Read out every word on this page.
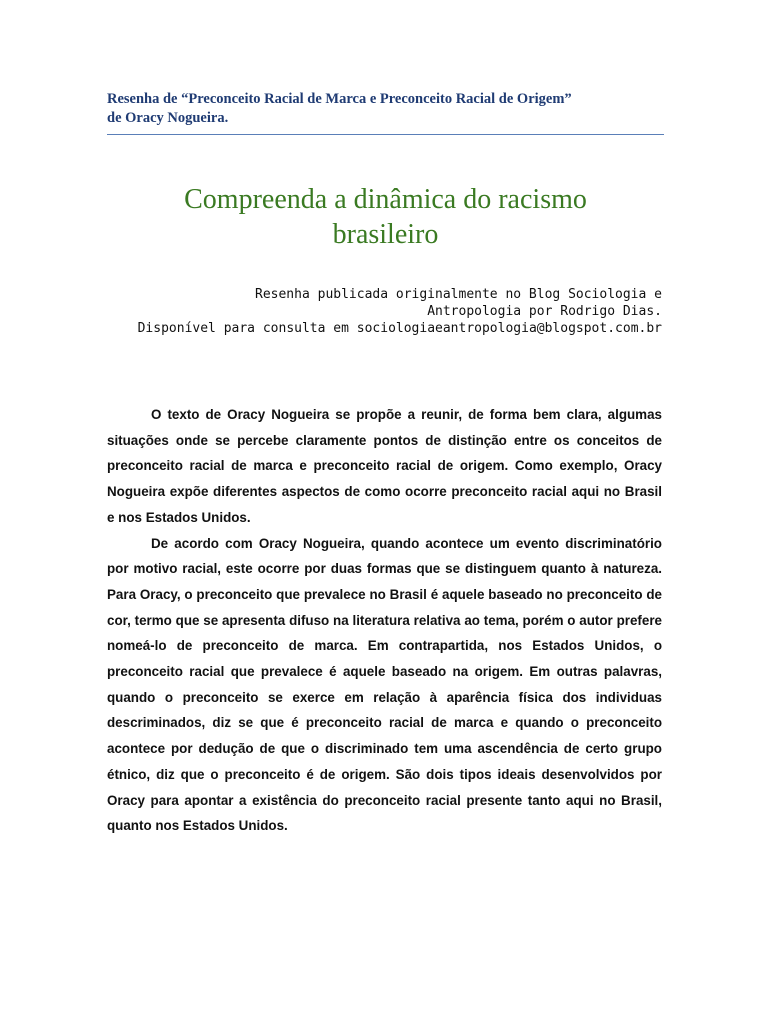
Resenha de “Preconceito Racial de Marca e Preconceito Racial de Origem”
de Oracy Nogueira.
Compreenda a dinâmica do racismo
brasileiro
Resenha publicada originalmente no Blog Sociologia e
Antropologia por Rodrigo Dias.
Disponível para consulta em sociologiaeantropologia@blogspot.com.br

O texto de Oracy Nogueira se propõe a reunir, de forma bem clara, algumas situações onde se percebe claramente pontos de distinção entre os conceitos de preconceito racial de marca e preconceito racial de origem. Como exemplo, Oracy Nogueira expõe diferentes aspectos de como ocorre preconceito racial aqui no Brasil e nos Estados Unidos.

De acordo com Oracy Nogueira, quando acontece um evento discriminatório por motivo racial, este ocorre por duas formas que se distinguem quanto à natureza. Para Oracy, o preconceito que prevalece no Brasil é aquele baseado no preconceito de cor, termo que se apresenta difuso na literatura relativa ao tema, porém o autor prefere nomeá-lo de preconceito de marca. Em contrapartida, nos Estados Unidos, o preconceito racial que prevalece é aquele baseado na origem. Em outras palavras, quando o preconceito se exerce em relação à aparência física dos individuas descriminados, diz se que é preconceito racial de marca e quando o preconceito acontece por dedução de que o discriminado tem uma ascendência de certo grupo étnico, diz que o preconceito é de origem. São dois tipos ideais desenvolvidos por Oracy para apontar a existência do preconceito racial presente tanto aqui no Brasil, quanto nos Estados Unidos.
